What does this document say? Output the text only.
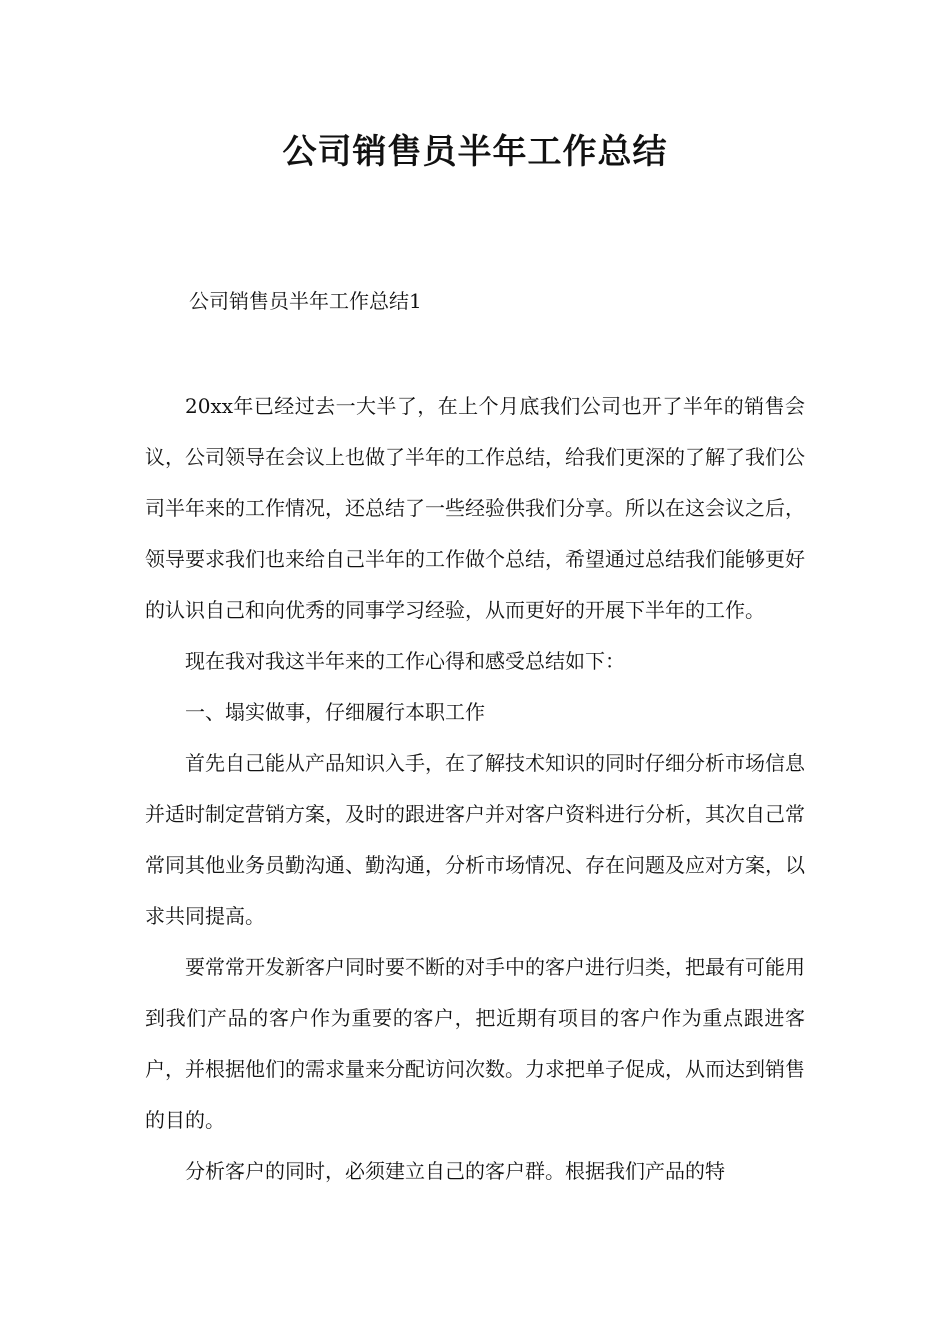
公司销售员半年工作总结

公司销售员半年工作总结1

20xx年已经过去一大半了，在上个月底我们公司也开了半年的销售会议，公司领导在会议上也做了半年的工作总结，给我们更深的了解了我们公司半年来的工作情况，还总结了一些经验供我们分享。所以在这会议之后，领导要求我们也来给自己半年的工作做个总结，希望通过总结我们能够更好的认识自己和向优秀的同事学习经验，从而更好的开展下半年的工作。

现在我对我这半年来的工作心得和感受总结如下：

一、塌实做事，仔细履行本职工作

首先自己能从产品知识入手，在了解技术知识的同时仔细分析市场信息并适时制定营销方案，及时的跟进客户并对客户资料进行分析，其次自己常常同其他业务员勤沟通、勤沟通，分析市场情况、存在问题及应对方案，以求共同提高。

要常常开发新客户同时要不断的对手中的客户进行归类，把最有可能用到我们产品的客户作为重要的客户，把近期有项目的客户作为重点跟进客户，并根据他们的需求量来分配访问次数。力求把单子促成，从而达到销售的目的。

分析客户的同时，必须建立自己的客户群。根据我们产品的特
